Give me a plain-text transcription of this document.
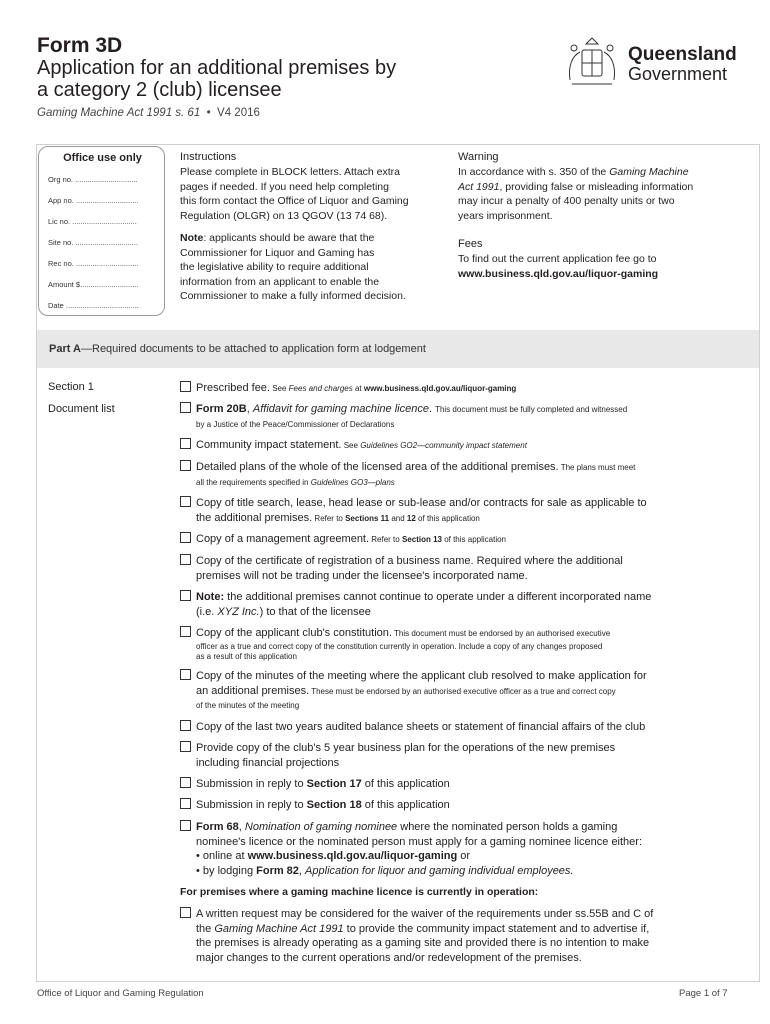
Form 3D
Application for an additional premises by
a category 2 (club) licensee
Gaming Machine Act 1991 s. 61  •  V4 2016
Queensland
Government
Office use only
Org no. ..............................
App no. ..............................
Lic no. ...............................
Site no. ..............................
Rec no. ..............................
Amount $............................
Date ...................................
Instructions
Please complete in BLOCK letters. Attach extra
pages if needed. If you need help completing
this form contact the Office of Liquor and Gaming
Regulation (OLGR) on 13 QGOV (13 74 68).
Note: applicants should be aware that the
Commissioner for Liquor and Gaming has
the legislative ability to require additional
information from an applicant to enable the
Commissioner to make a fully informed decision.
Warning
In accordance with s. 350 of the Gaming Machine
Act 1991, providing false or misleading information
may incur a penalty of 400 penalty units or two
years imprisonment.
Fees
To find out the current application fee go to
www.business.qld.gov.au/liquor-gaming
Part A—Required documents to be attached to application form at lodgement
Section 1
Document list
Prescribed fee. See Fees and charges at www.business.qld.gov.au/liquor-gaming
Form 20B, Affidavit for gaming machine licence. This document must be fully completed and witnessed
by a Justice of the Peace/Commissioner of Declarations
Community impact statement. See Guidelines GO2—community impact statement
Detailed plans of the whole of the licensed area of the additional premises. The plans must meet
all the requirements specified in Guidelines GO3—plans
Copy of title search, lease, head lease or sub-lease and/or contracts for sale as applicable to
the additional premises. Refer to Sections 11 and 12 of this application
Copy of a management agreement. Refer to Section 13 of this application
Copy of the certificate of registration of a business name. Required where the additional
premises will not be trading under the licensee's incorporated name.
Note: the additional premises cannot continue to operate under a different incorporated name
(i.e. XYZ Inc.) to that of the licensee
Copy of the applicant club's constitution. This document must be endorsed by an authorised executive
officer as a true and correct copy of the constitution currently in operation. Include a copy of any changes proposed
as a result of this application
Copy of the minutes of the meeting where the applicant club resolved to make application for
an additional premises. These must be endorsed by an authorised executive officer as a true and correct copy
of the minutes of the meeting
Copy of the last two years audited balance sheets or statement of financial affairs of the club
Provide copy of the club's 5 year business plan for the operations of the new premises
including financial projections
Submission in reply to Section 17 of this application
Submission in reply to Section 18 of this application
Form 68, Nomination of gaming nominee where the nominated person holds a gaming
nominee's licence or the nominated person must apply for a gaming nominee licence either:
• online at www.business.qld.gov.au/liquor-gaming or
• by lodging Form 82, Application for liquor and gaming individual employees.
For premises where a gaming machine licence is currently in operation:
A written request may be considered for the waiver of the requirements under ss.55B and C of
the Gaming Machine Act 1991 to provide the community impact statement and to advertise if,
the premises is already operating as a gaming site and provided there is no intention to make
major changes to the current operations and/or redevelopment of the premises.
Office of Liquor and Gaming Regulation	Page 1 of 7
